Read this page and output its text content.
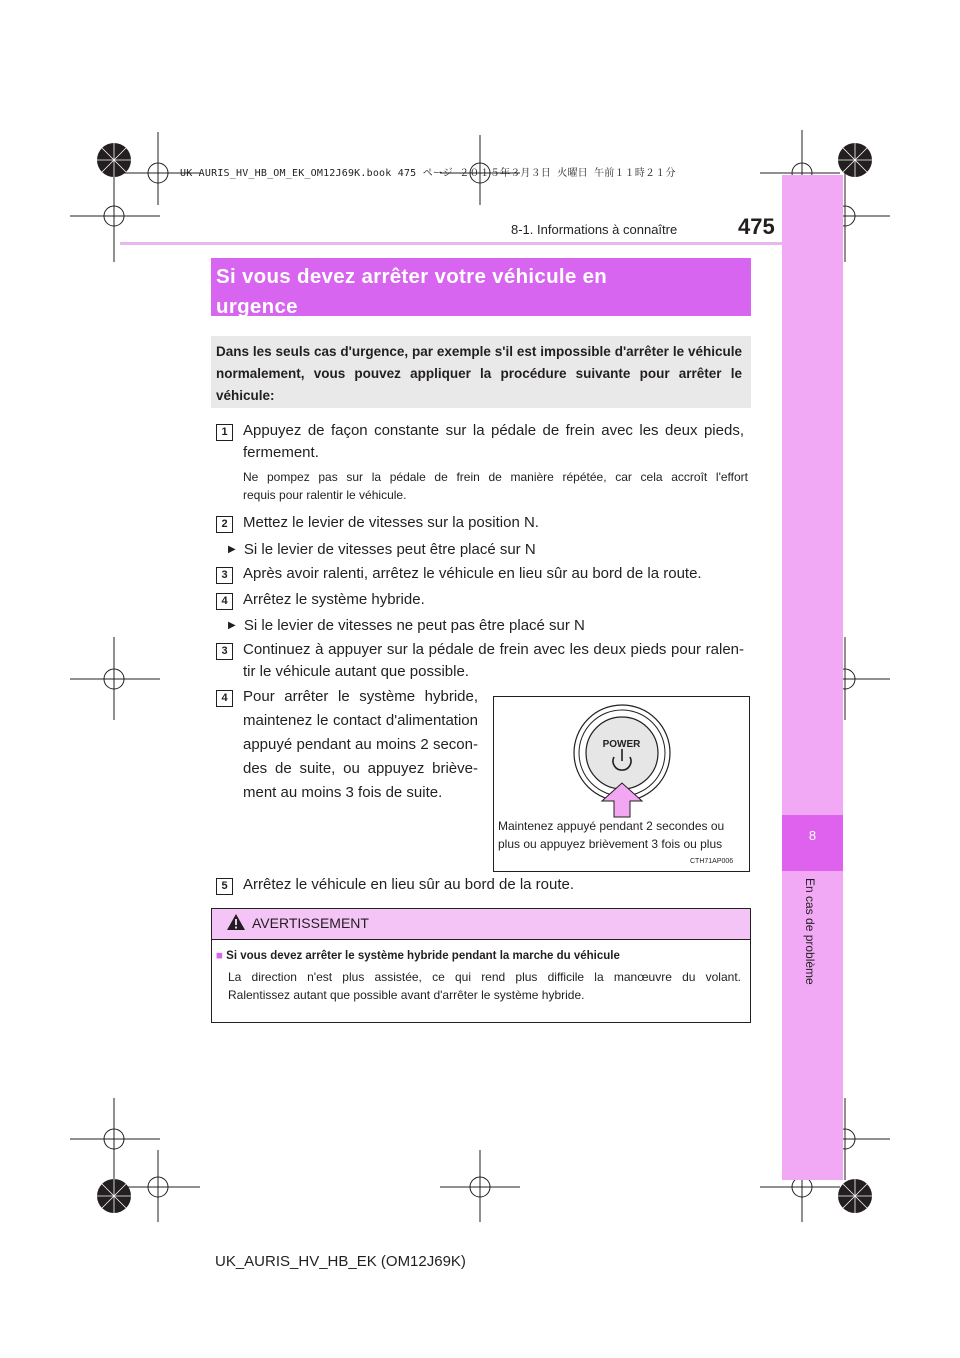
8
En cas de problème
UK AURIS_HV_HB_OM_EK_OM12J69K.book 475 ページ ２０１５年３月３日 火曜日 午前１１時２１分
8-1. Informations à connaître	475
Si vous devez arrêter votre véhicule en
urgence
Dans les seuls cas d'urgence, par exemple s'il est impossible d'arrêter le véhicule normalement, vous pouvez appliquer la procédure suivante pour arrêter le véhicule:
1	Appuyez de façon constante sur la pédale de frein avec les deux pieds,
fermement.
Ne pompez pas sur la pédale de frein de manière répétée, car cela accroît l'effort
requis pour ralentir le véhicule.
2	Mettez le levier de vitesses sur la position N.
▶ Si le levier de vitesses peut être placé sur N
3	Après avoir ralenti, arrêtez le véhicule en lieu sûr au bord de la route.
4	Arrêtez le système hybride.
▶ Si le levier de vitesses ne peut pas être placé sur N
3	Continuez à appuyer sur la pédale de frein avec les deux pieds pour ralen-
tir le véhicule autant que possible.
4	Pour arrêter le système hybride,
maintenez le contact d'alimentation
appuyé pendant au moins 2 secon-
des de suite, ou appuyez briève-
ment au moins 3 fois de suite.
POWER
Maintenez appuyé pendant 2 secondes ou
plus ou appuyez brièvement 3 fois ou plus
CTH71AP006
5	Arrêtez le véhicule en lieu sûr au bord de la route.
AVERTISSEMENT
■ Si vous devez arrêter le système hybride pendant la marche du véhicule
La direction n'est plus assistée, ce qui rend plus difficile la manœuvre du volant.
Ralentissez autant que possible avant d'arrêter le système hybride.
UK_AURIS_HV_HB_EK (OM12J69K)
